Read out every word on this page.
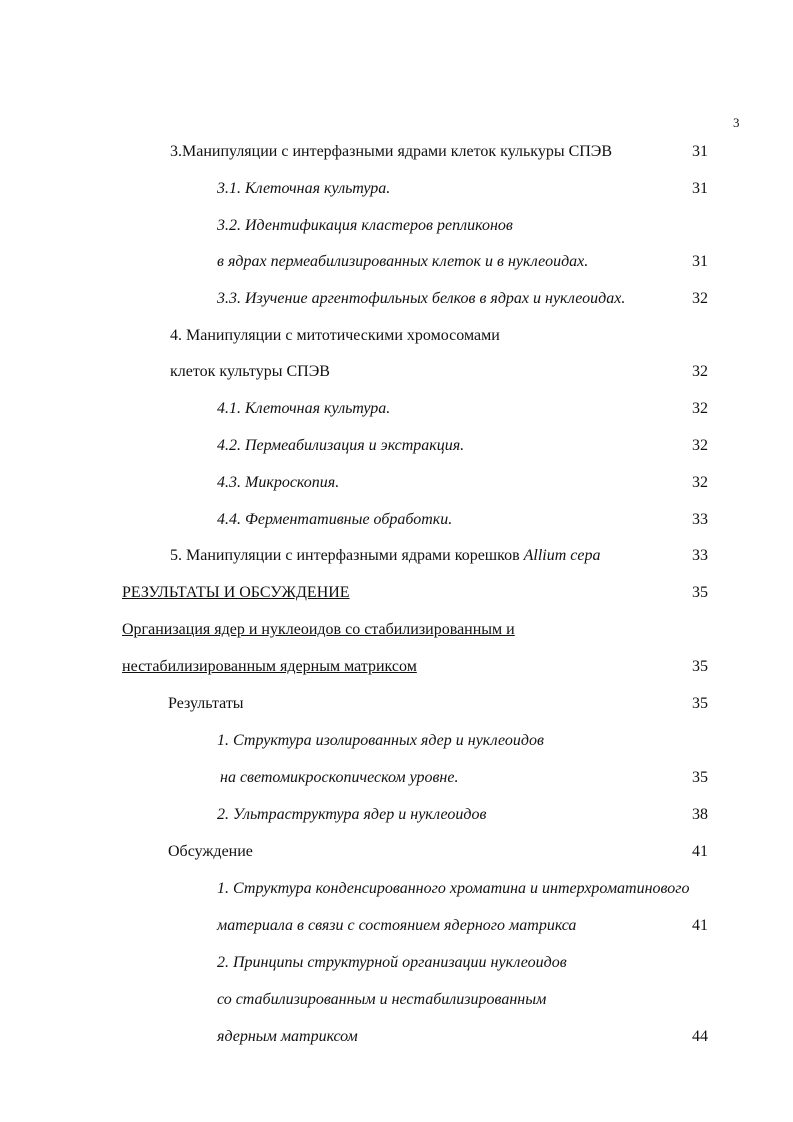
3
3.Манипуляции с интерфазными ядрами клеток кулькуры СПЭВ	31
3.1. Клеточная культура.	31
3.2. Идентификация кластеров репликонов
в ядрах пермеабилизированных клеток и в нуклеоидах.	31
3.3. Изучение аргентофильных белков в ядрах и нуклеоидах.	32
4. Манипуляции с митотическими хромосомами
клеток культуры СПЭВ	32
4.1. Клеточная культура.	32
4.2. Пермеабилизация и экстракция.	32
4.3. Микроскопия.	32
4.4. Ферментативные обработки.	33
5. Манипуляции с интерфазными ядрами корешков Allium cepa	33
РЕЗУЛЬТАТЫ И ОБСУЖДЕНИЕ	35
Организация ядер и нуклеоидов со стабилизированным и
нестабилизированным ядерным матриксом	35
Результаты	35
1. Структура изолированных ядер и нуклеоидов
на светомикроскопическом уровне.	35
2. Ультраструктура ядер и нуклеоидов	38
Обсуждение	41
1. Структура конденсированного хроматина и интерхроматинового
материала в связи с состоянием ядерного матрикса	41
2. Принципы структурной организации нуклеоидов
со стабилизированным и нестабилизированным
ядерным матриксом	44
